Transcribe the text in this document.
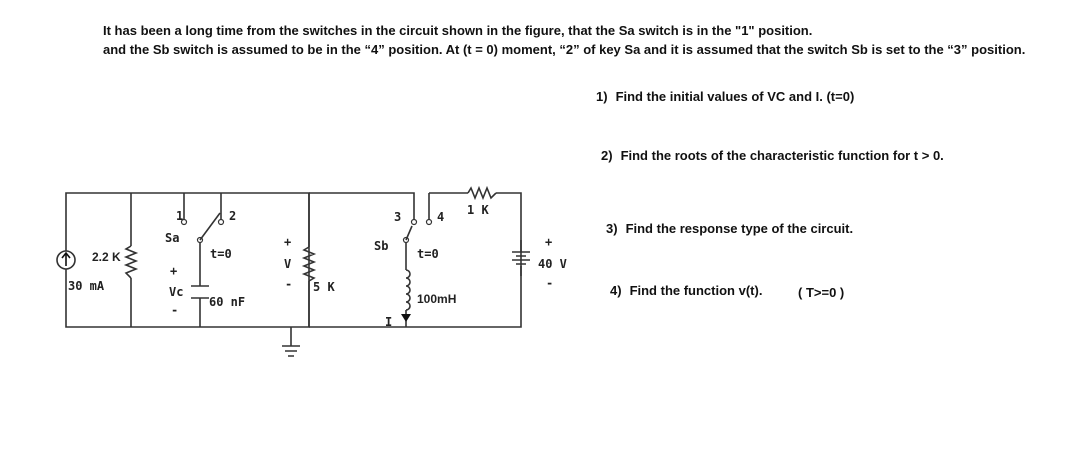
It has been a long time from the switches in the circuit shown in the figure, that the Sa switch is in the "1" position.
and the Sb switch is assumed to be in the “4” position. At (t = 0) moment, “2” of key Sa and it is assumed that the switch Sb is set to the “3” position.
1) Find the initial values of VC and I. (t=0)
2) Find the roots of the characteristic function for t > 0.
3) Find the response type of the circuit.
4) Find the function v(t).	( T>=0 )
30 mA
2.2 K
1	2
Sa
t=0
+
Vc
-
60 nF
+
V
- 5 K
3	4
Sb
t=0
1 K
100mH
I
+
40 V
-
